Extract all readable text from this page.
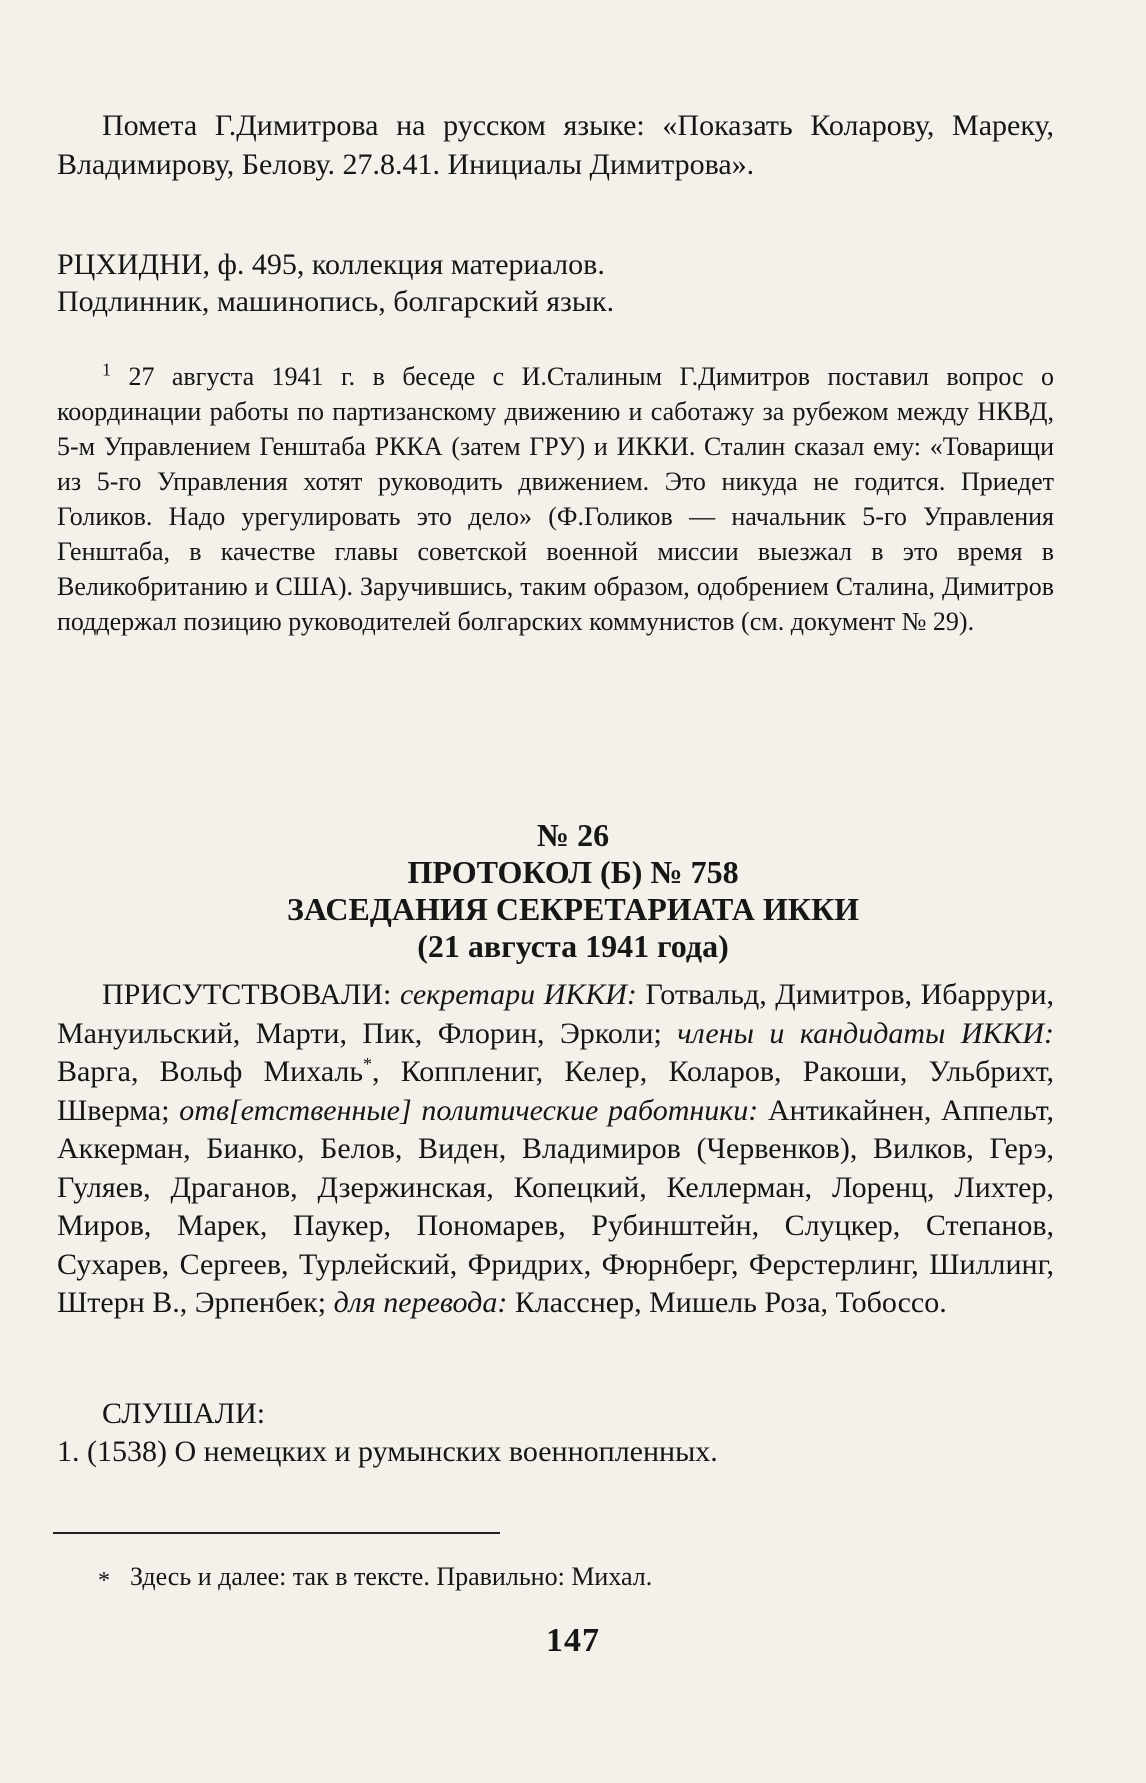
Помета Г.Димитрова на русском языке: «Показать Коларову, Мареку, Владимирову, Белову. 27.8.41. Инициалы Димитрова».

РЦХИДНИ, ф. 495, коллекция материалов.
Подлинник, машинопись, болгарский язык.

$^1$ 27 августа 1941 г. в беседе с И.Сталиным Г.Димитров поставил вопрос о координации работы по партизанскому движению и саботажу за рубежом между НКВД, 5-м Управлением Генштаба РККА (затем ГРУ) и ИККИ. Сталин сказал ему: «Товарищи из 5-го Управления хотят руководить движением. Это никуда не годится. Приедет Голиков. Надо урегулировать это дело» (Ф.Голиков — начальник 5-го Управления Генштаба, в качестве главы советской военной миссии выезжал в это время в Великобританию и США). Заручившись, таким образом, одобрением Сталина, Димитров поддержал позицию руководителей болгарских коммунистов (см. документ № 29).

№ 26
ПРОТОКОЛ (Б) № 758
ЗАСЕДАНИЯ СЕКРЕТАРИАТА ИККИ
(21 августа 1941 года)

ПРИСУТСТВОВАЛИ: секретари ИККИ: Готвальд, Димитров, Ибаррури, Мануильский, Марти, Пик, Флорин, Эрколи; члены и кандидаты ИККИ: Варга, Вольф Михаль*, Копплениг, Келер, Коларов, Ракоши, Ульбрихт, Шверма; отв[етственные] политические работники: Антикайнен, Аппельт, Аккерман, Бианко, Белов, Виден, Владимиров (Червенков), Вилков, Герэ, Гуляев, Драганов, Дзержинская, Копецкий, Келлерман, Лоренц, Лихтер, Миров, Марек, Паукер, Пономарев, Рубинштейн, Слуцкер, Степанов, Сухарев, Сергеев, Турлейский, Фридрих, Фюрнберг, Ферстерлинг, Шиллинг, Штерн В., Эрпенбек; для перевода: Класснер, Мишель Роза, Тобоссо.

СЛУШАЛИ:
1. (1538) О немецких и румынских военнопленных.
* Здесь и далее: так в тексте. Правильно: Михал.
147
